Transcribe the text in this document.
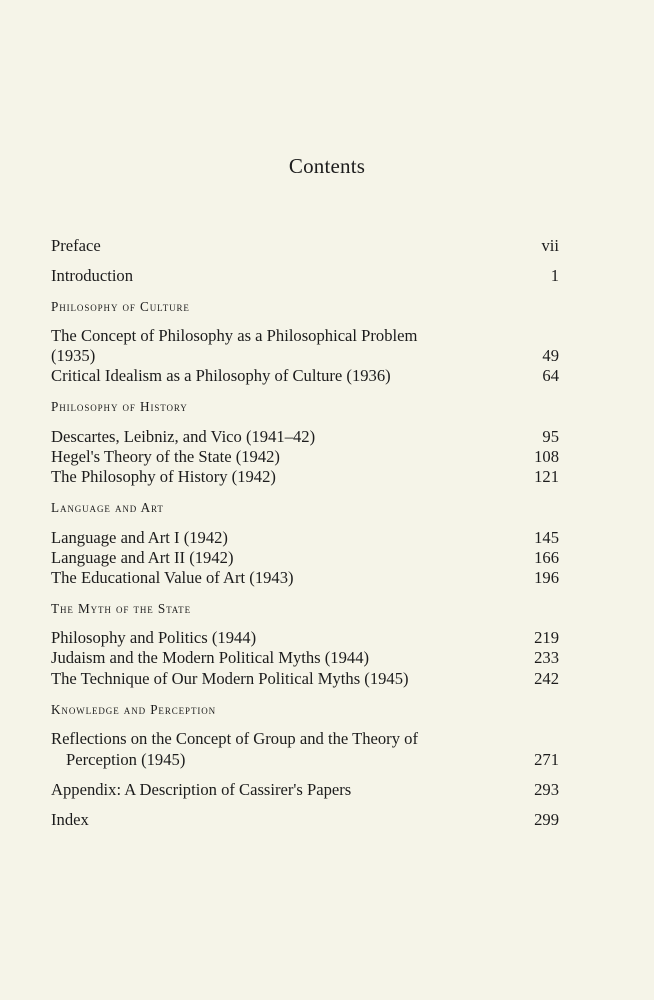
Contents
Preface	vii
Introduction	1
Philosophy of Culture
The Concept of Philosophy as a Philosophical Problem
(1935)	49
Critical Idealism as a Philosophy of Culture (1936)	64
Philosophy of History
Descartes, Leibniz, and Vico (1941–42)	95
Hegel's Theory of the State (1942)	108
The Philosophy of History (1942)	121
Language and Art
Language and Art I (1942)	145
Language and Art II (1942)	166
The Educational Value of Art (1943)	196
The Myth of the State
Philosophy and Politics (1944)	219
Judaism and the Modern Political Myths (1944)	233
The Technique of Our Modern Political Myths (1945)	242
Knowledge and Perception
Reflections on the Concept of Group and the Theory of
Perception (1945)	271
Appendix: A Description of Cassirer's Papers	293
Index	299
